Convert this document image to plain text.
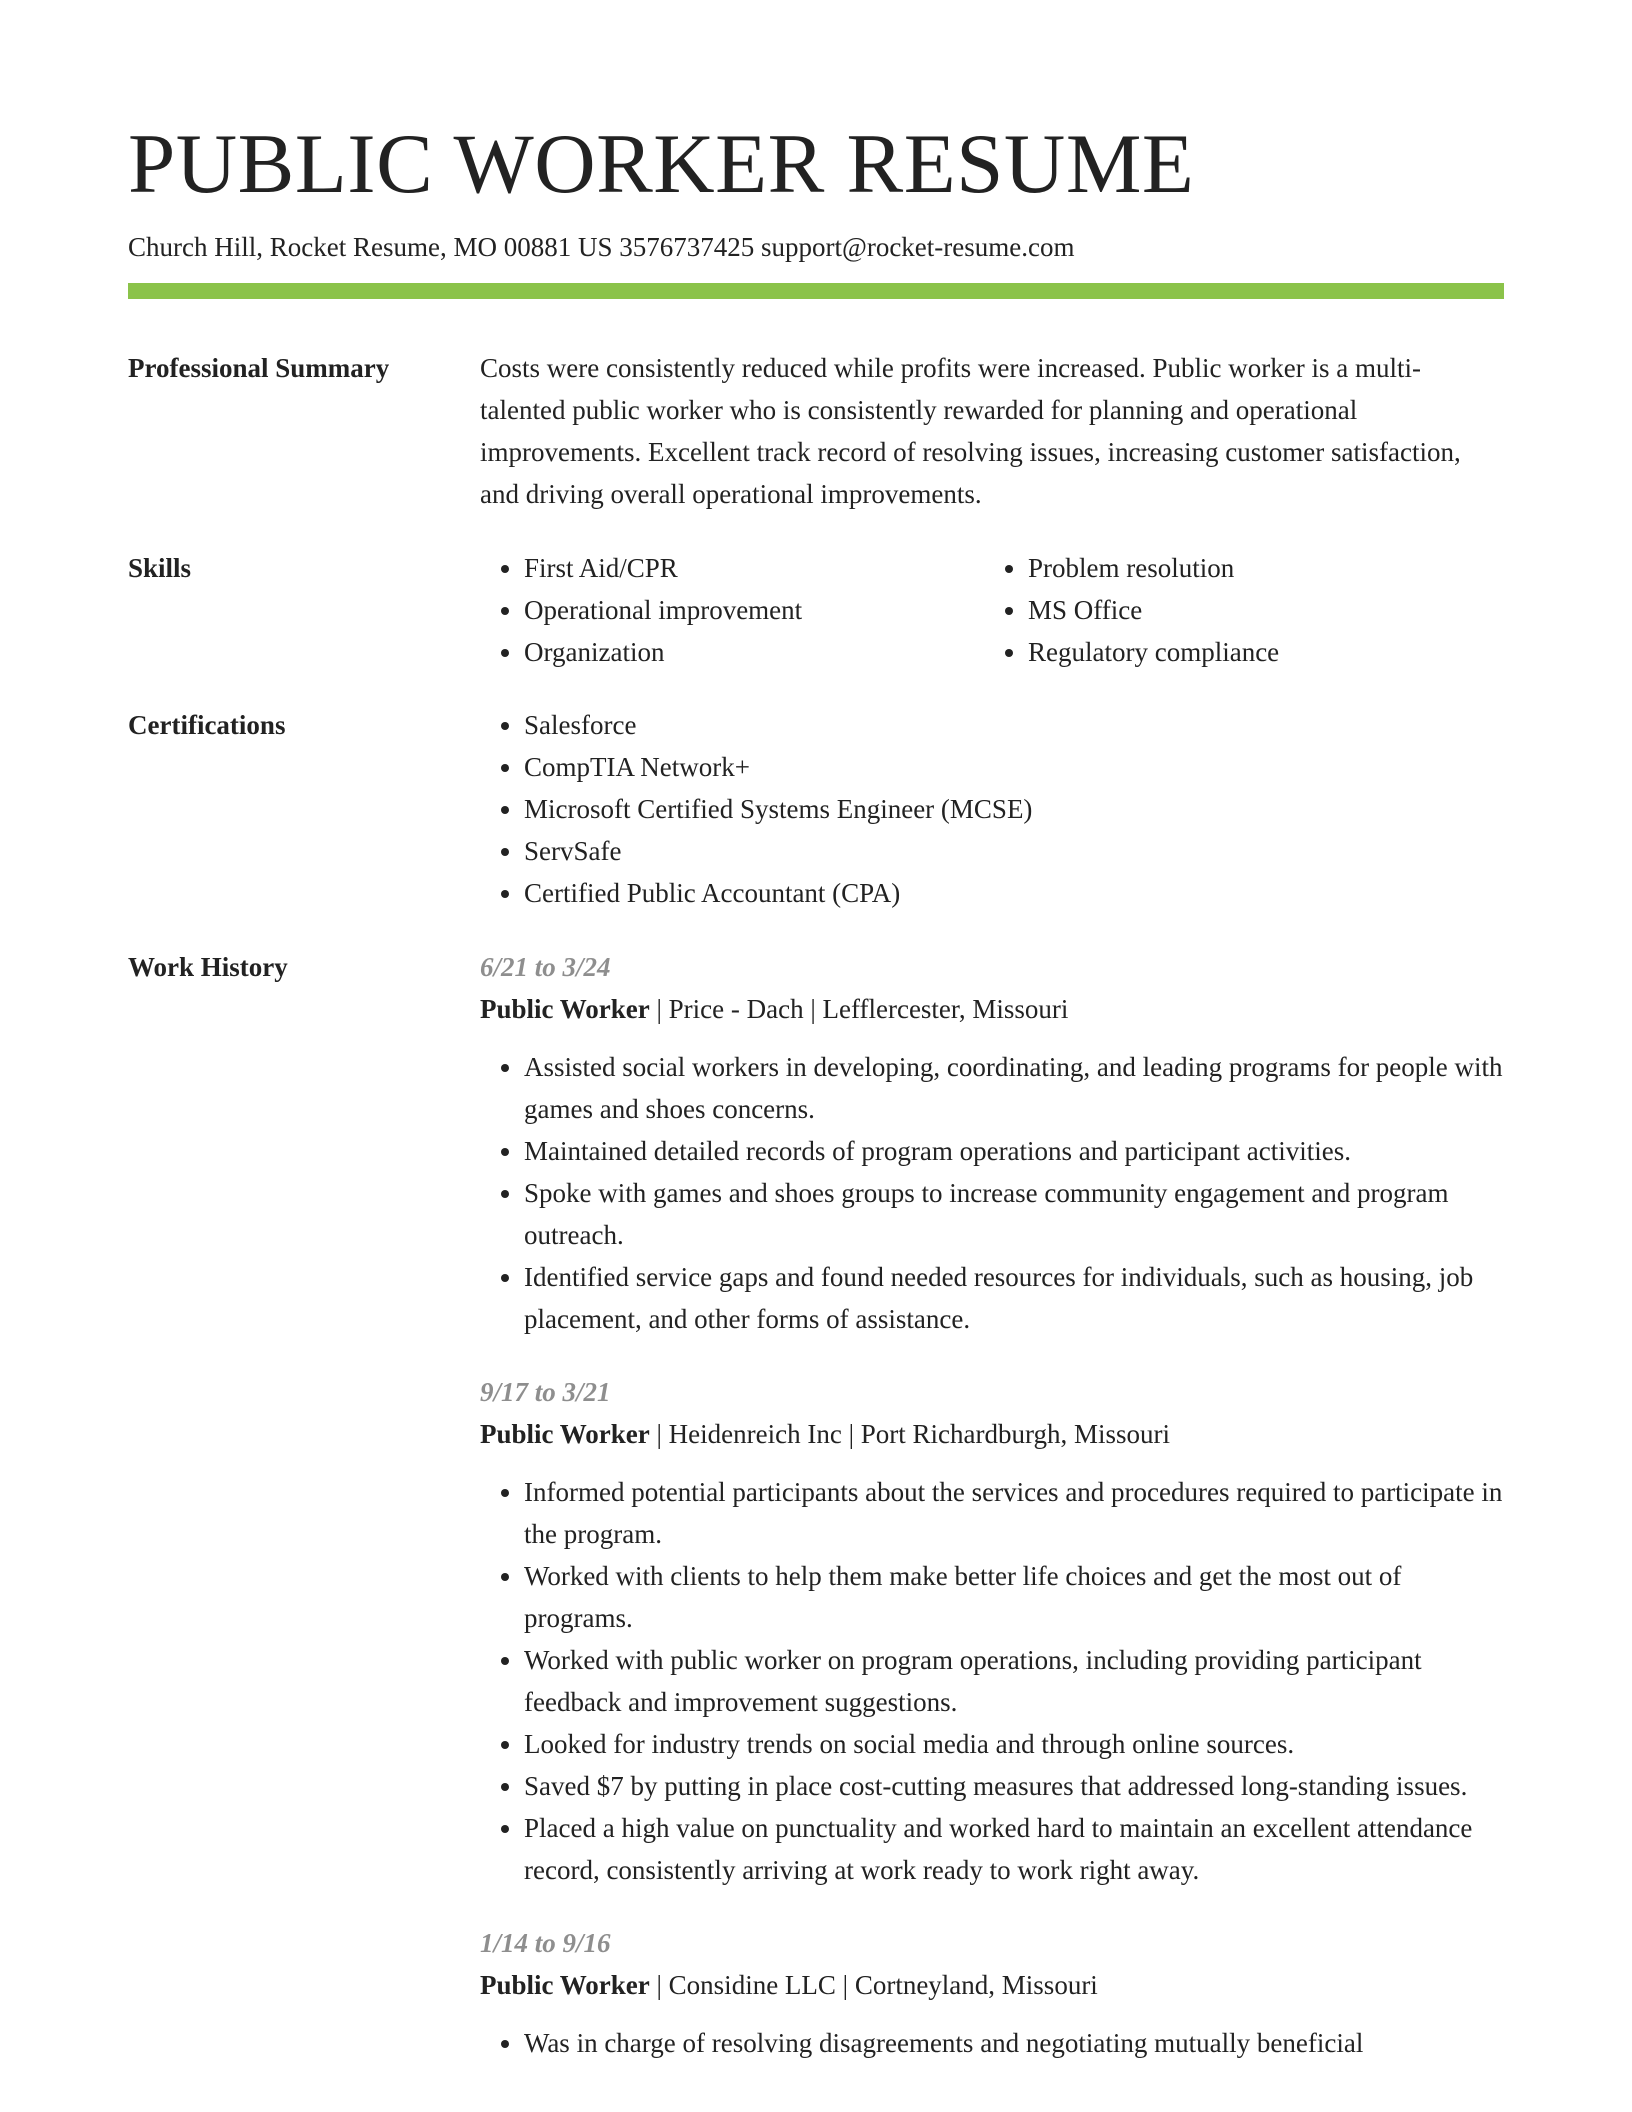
PUBLIC WORKER RESUME
Church Hill, Rocket Resume, MO 00881 US 3576737425 support@rocket-resume.com
Professional Summary	Costs were consistently reduced while profits were increased. Public worker is a multi-talented public worker who is consistently rewarded for planning and operational improvements. Excellent track record of resolving issues, increasing customer satisfaction, and driving overall operational improvements.

Skills	• First Aid/CPR
• Operational improvement
• Organization
• Problem resolution
• MS Office
• Regulatory compliance
Certifications	• Salesforce
• CompTIA Network+
• Microsoft Certified Systems Engineer (MCSE)
• ServSafe
• Certified Public Accountant (CPA)
Work History	6/21 to 3/24
Public Worker | Price - Dach | Lefflercester, Missouri
• Assisted social workers in developing, coordinating, and leading programs for people with games and shoes concerns.
• Maintained detailed records of program operations and participant activities.
• Spoke with games and shoes groups to increase community engagement and program outreach.
• Identified service gaps and found needed resources for individuals, such as housing, job placement, and other forms of assistance.
9/17 to 3/21
Public Worker | Heidenreich Inc | Port Richardburgh, Missouri
• Informed potential participants about the services and procedures required to participate in the program.
• Worked with clients to help them make better life choices and get the most out of programs.
• Worked with public worker on program operations, including providing participant feedback and improvement suggestions.
• Looked for industry trends on social media and through online sources.
• Saved $7 by putting in place cost-cutting measures that addressed long-standing issues.
• Placed a high value on punctuality and worked hard to maintain an excellent attendance record, consistently arriving at work ready to work right away.
1/14 to 9/16
Public Worker | Considine LLC | Cortneyland, Missouri
• Was in charge of resolving disagreements and negotiating mutually beneficial
